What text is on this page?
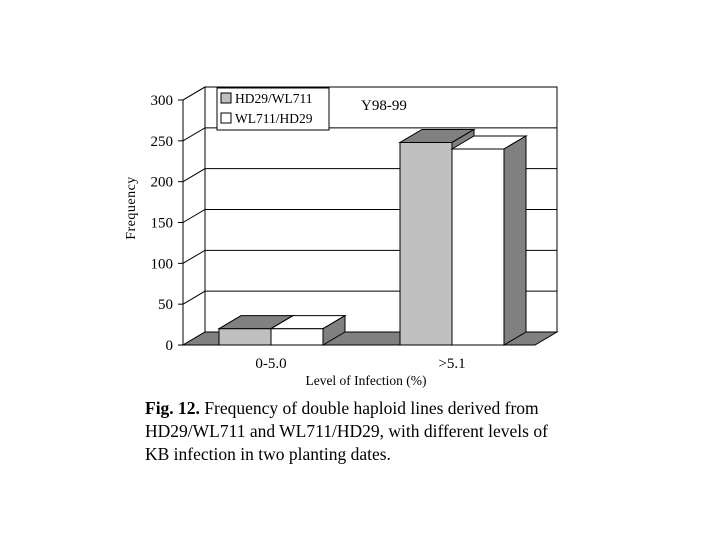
0
50
100
150
200
250
300
0-5.0	>5.1
Y98-99
Frequency
Level of Infection (%)
HD29/WL711
WL711/HD29

Fig. 12. Frequency of double haploid lines derived from HD29/WL711 and WL711/HD29, with different levels of KB infection in two planting dates.
